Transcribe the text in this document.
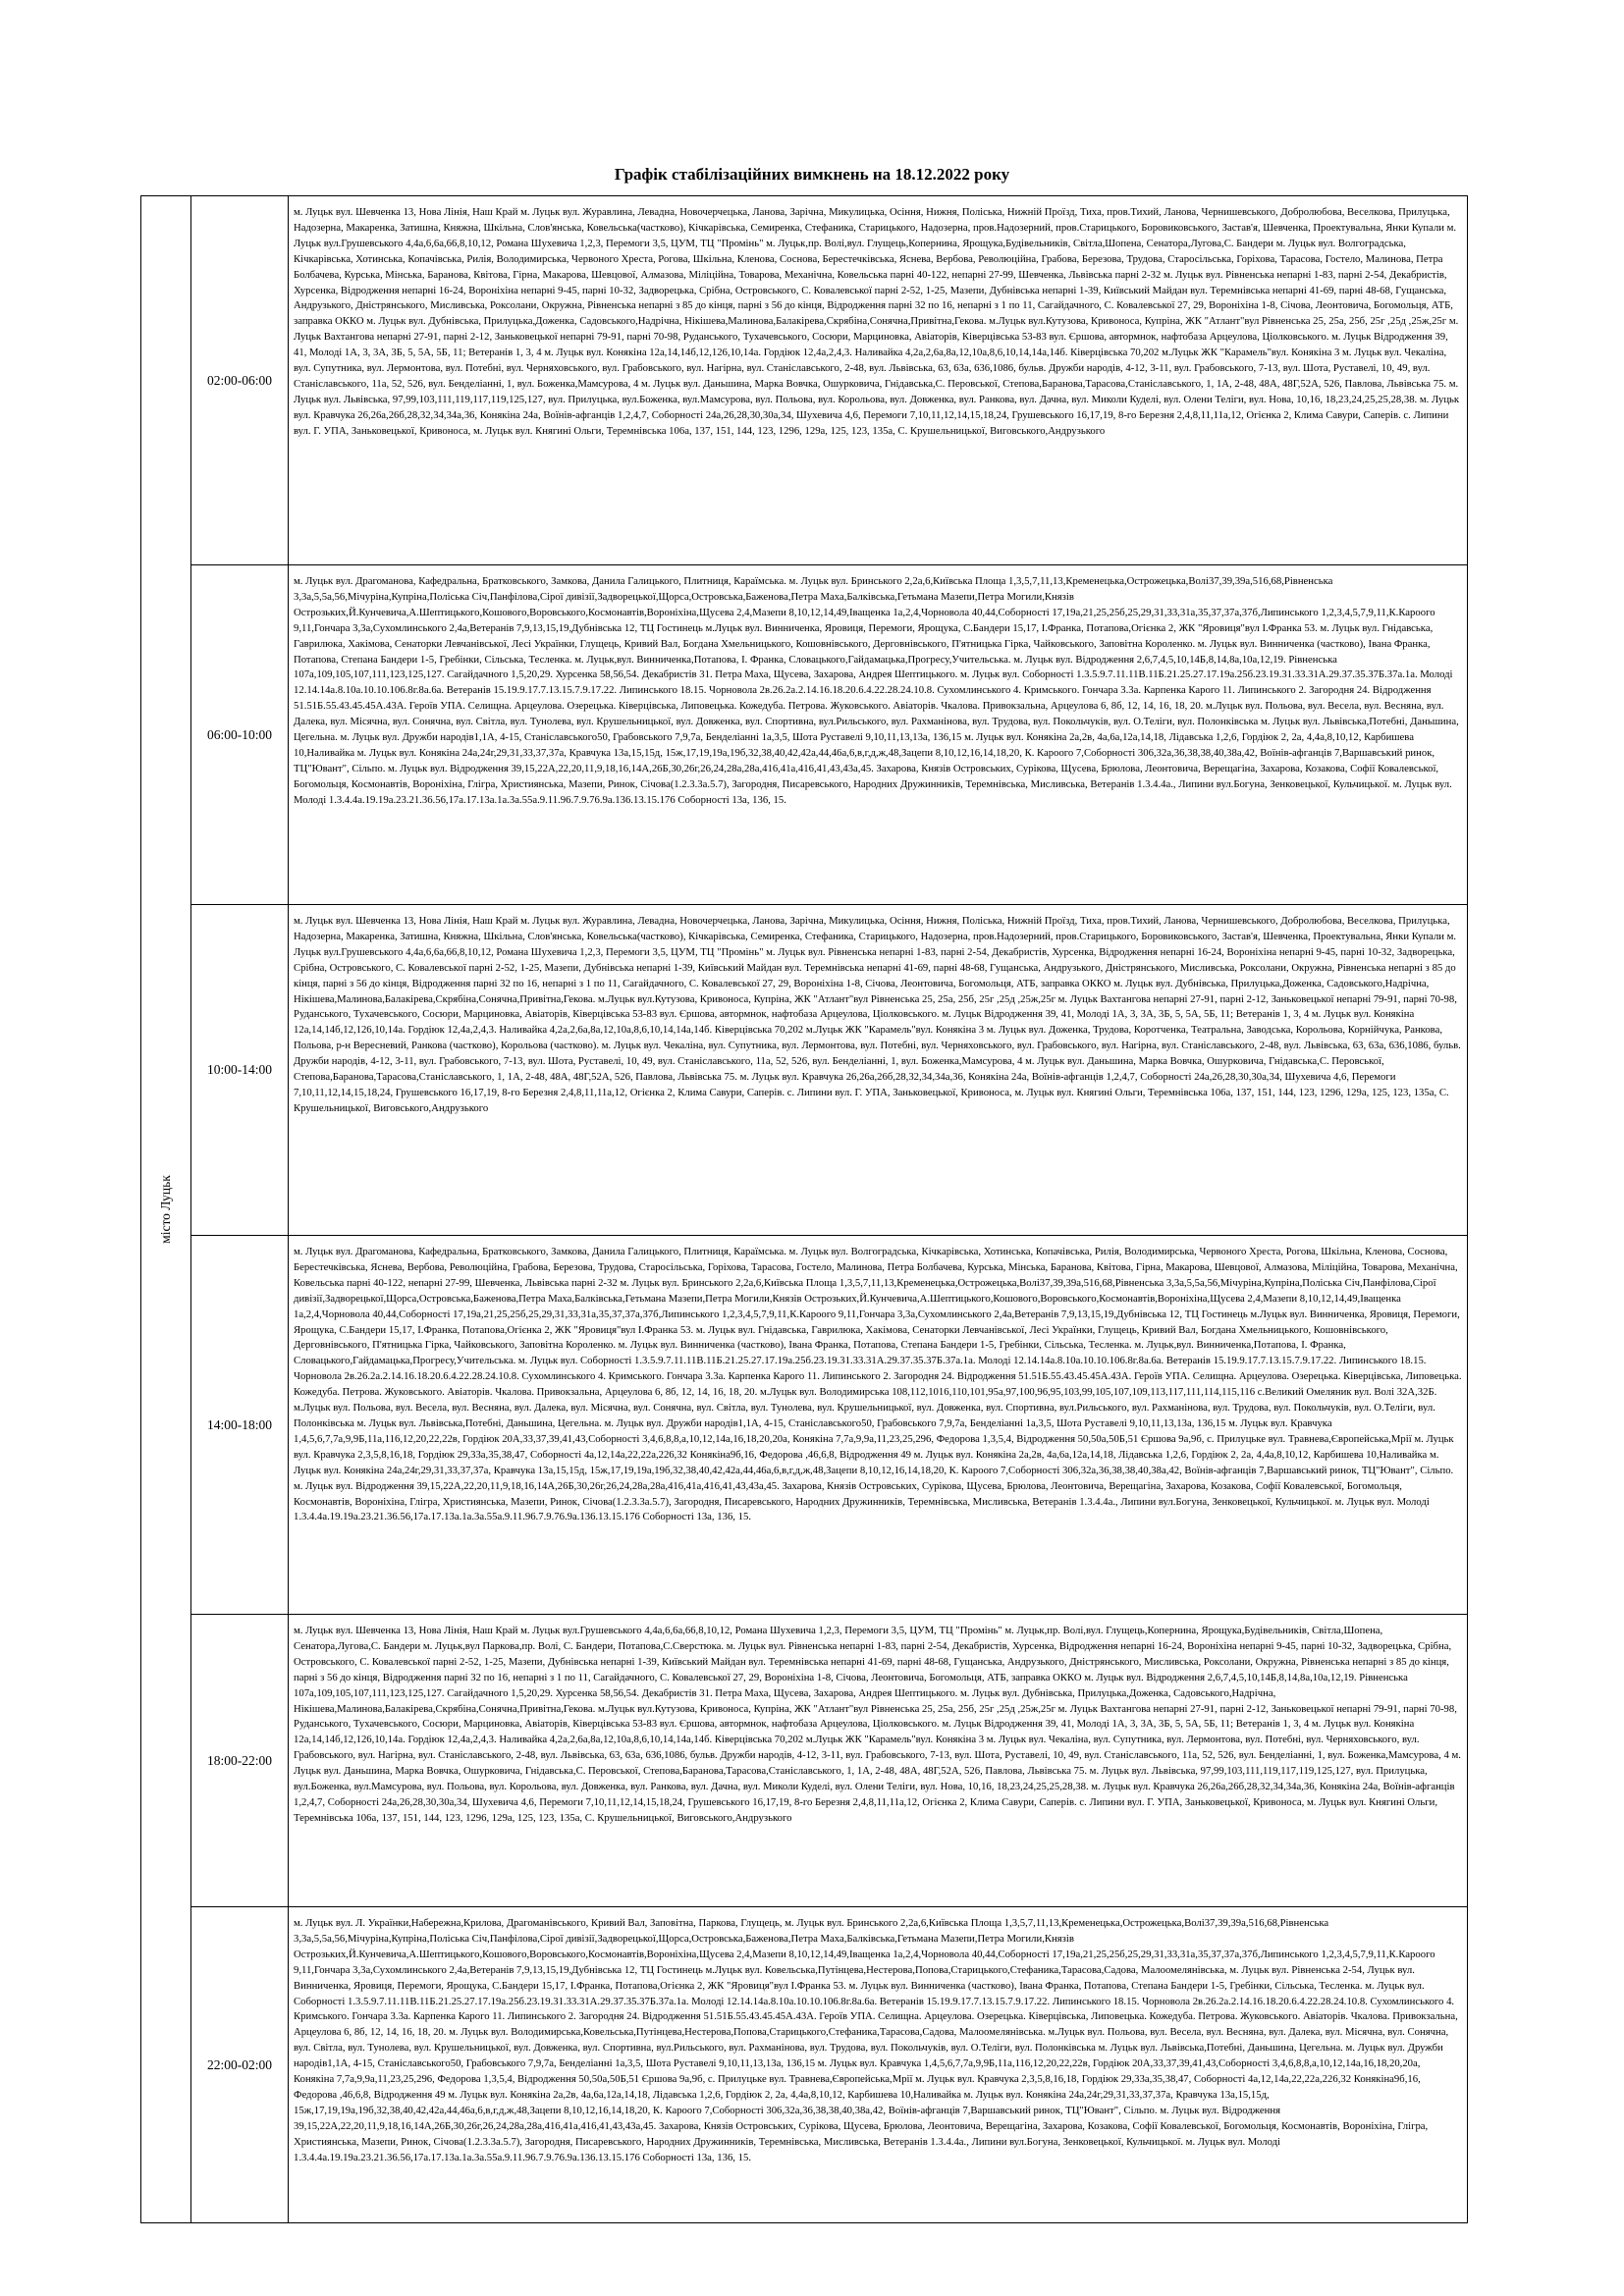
Графік стабілізаційних вимкнень на 18.12.2022 року
місто Луцьк	02:00-06:00	м. Луцьк вул. Шевченка 13, Нова Лінія, Наш Край м. Луцьк вул. Журавлина, Левадна, Новочерчецька, Ланова, Зарічна, Микулицька, Осіння, Нижня, Поліська, Нижній Проїзд, Тиха, пров.Тихий, Ланова, Чернишевського, Добролюбова, Веселкова, Прилуцька, Надозерна, Макаренка, Затишна, Княжна, Шкільна, Слов'янська, Ковельська(частково), Кічкарівська, Семиренка, Стефаника, Старицького, Надозерна, пров.Надозерний, пров.Старицького, Боровиковського, Застав'я, Шевченка, Проектувальна, Янки Купали м. Луцьк вул.Грушевського 4,4а,6,6а,66,8,10,12, Романа Шухевича 1,2,3, Перемоги 3,5, ЦУМ, ТЦ "Промінь" м. Луцьк,пр. Волі,вул. Глущець,Копернина, Ярощука,Будівельників, Світла,Шопена, Сенатора,Луговa,С. Бандери м. Луцьк вул. Волгоградська, Кічкарівська, Хотинська, Копачівська, Рилія, Володимирська, Червоного Хреста, Рогова, Шкільна, Кленова, Соснова, Берестечківська, Яснева, Вербова, Революційна, Грабова, Березова, Трудова, Старосільська, Горіхова, Тарасова, Гостело, Малинова, Петра Болбачева, Курська, Мінська, Баранова, Квітова, Гірна, Макарова, Шевцової, Алмазова, Міліційна, Товарова, Механічна, Ковельська парні 40-122, непарні 27-99, Шевченка, Львівська парні 2-32 м. Луцьк вул. Рівненська непарні 1-83, парні 2-54, Декабристів, Хурсенка, Відродження непарні 16-24, Вороніхіна непарні 9-45, парні 10-32, Задворецька, Срібна, Островського, С. Ковалевської парні 2-52, 1-25, Мазепи, Дубнівська непарні 1-39, Київський Майдан вул. Теремнівська непарні 41-69, парні 48-68, Гущанська, Андрузького, Дністрянського, Мисливська, Роксолани, Окружна, Рівненська непарні з 85 до кінця, парні з 56 до кінця, Відродження парні 32 по 16, непарні з 1 по 11, Сагайдачного, С. Ковалевської 27, 29, Вороніхіна 1-8, Січова, Леонтовича, Богомольця, АТБ, заправка ОККО м. Луцьк вул. Дубнівська, Прилуцька,Доженка, Садовського,Надрічна, Нікішева,Малинова,Балакірева,Скрябіна,Сонячна,Привітна,Гекова. м.Луцьк вул.Кутузова, Кривоноса, Купріна, ЖК "Атлант"вул Рівненська 25, 25а, 25б, 25г ,25д ,25ж,25г м. Луцьк Вахтангова непарні 27-91, парні 2-12, Заньковецької непарні 79-91, парні 70-98, Руданського, Тухачевського, Сосюри, Марциновка, Авіаторів, Ківерцівська 53-83 вул. Єршова, автормнок, нафтобаза Арцеулова, Ціолковського. м. Луцьк Відродження 39, 41, Молоді 1А, 3, 3А, 3Б, 5, 5А, 5Б, 11; Ветеранів 1, 3, 4 м. Луцьк вул. Конякіна 12а,14,14б,12,126,10,14а. Гордіюк 12,4а,2,4,3. Наливайка 4,2а,2,6а,8а,12,10а,8,6,10,14,14а,14б. Ківерцівська 70,202 м.Луцьк ЖК "Карамель"вул. Конякіна 3 м. Луцьк вул. Чекаліна, вул. Супутника, вул. Лермонтова, вул. Потебні, вул. Черняховського, вул. Грабовського, вул. Нагірна, вул. Станіславського, 2-48, вул. Львівська, 63, 63а, 636,1086, бульв. Дружби народів, 4-12, 3-11, вул. Грабовського, 7-13, вул. Шота, Руставелі, 10, 49, вул. Станіславського, 11а, 52, 526, вул. Бенделіанні, 1, вул. Боженка,Мамсурова, 4 м. Луцьк вул. Даньшина, Марка Вовчка, Ошурковича, Гнідавська,С. Перовської, Степова,Баранова,Тарасова,Станіславського, 1, 1А, 2-48, 48А, 48Г,52А, 526, Павлова, Львівська 75. м. Луцьк вул. Львівська, 97,99,103,111,119,117,119,125,127, вул. Прилуцька, вул.Боженка, вул.Мамсурова, вул. Польова, вул. Корольова, вул. Довженка, вул. Ранкова, вул. Дачна, вул. Миколи Куделі, вул. Олени Теліги, вул. Нова, 10,16, 18,23,24,25,25,28,38. м. Луцьк вул. Кравчука 26,26а,26б,28,32,34,34а,36, Конякіна 24а, Воїнів-афганців 1,2,4,7, Соборності 24а,26,28,30,30а,34, Шухевича 4,6, Перемоги 7,10,11,12,14,15,18,24, Грушевського 16,17,19, 8-го Березня 2,4,8,11,11а,12, Огієнка 2, Клима Савури, Саперів. с. Липини вул. Г. УПА, Заньковецької, Кривоноса, м. Луцьк вул. Княгині Ольги, Теремнівська 106а, 137, 151, 144, 123, 1296, 129а, 125, 123, 135а, С. Крушельницької, Виговського,Андрузького

	06:00-10:00	м. Луцьк вул. Драгоманова, Кафедральна, Братковського, Замкова, Данила Галицького, Плитниця, Караїмська. м. Луцьк вул. Бринського 2,2а,6,Київська Площа 1,3,5,7,11,13,Кременецька,Острожецька,Волі37,39,39а,516,68,Рівненська 3,3а,5,5а,56,Мічуріна,Купріна,Поліська Січ,Панфілова,Сірої дивізії,Задворецької,Щорса,Островська,Баженова,Петра Маха,Балківська,Гетьмана Мазепи,Петра Могили,Князів Острозьких,Й.Кунчевича,А.Шептицького,Кошового,Воровського,Космонавтів,Вороніхіна,Щусева 2,4,Мазепи 8,10,12,14,49,Іващенка 1а,2,4,Чорновола 40,44,Соборності 17,19а,21,25,25б,25,29,31,33,31а,35,37,37а,37б,Липинського 1,2,3,4,5,7,9,11,К.Кароого 9,11,Гончара 3,3а,Сухомлинського 2,4а,Ветеранів 7,9,13,15,19,Дубнівська 12, ТЦ Гостинець м.Луцьк вул. Винниченка, Яровиця, Перемоги, Ярощука, С.Бандери 15,17, І.Франка, Потапова,Огієнка 2, ЖК "Яровиця"вул І.Франка 53. м. Луцьк вул. Гнідавська, Гаврилюка, Хакімова, Сенаторки Левчанівської, Лесі Українки, Глущець, Кривий Вал, Богдана Хмельницького, Кошовнівського, Дерговнівського, П'ятницька Гірка, Чайковського, Заповітна Короленко. м. Луцьк вул. Винниченка (частково), Івана Франка, Потапова, Степана Бандери 1-5, Гребінки, Сільська, Тесленка. м. Луцьк,вул. Винниченка,Потапова, І. Франка, Словацького,Гайдамацька,Прогресу,Учительська. м. Луцьк вул. Відродження 2,6,7,4,5,10,14Б,8,14,8а,10а,12,19. Рівненська 107а,109,105,107,111,123,125,127. Сагайдачного 1,5,20,29. Хурсенка 58,56,54. Декабристів 31. Петра Маха, Щусева, Захарова, Андрея Шептицького. м. Луцьк вул. Соборності 1.3.5.9.7.11.11В.11Б.21.25.27.17.19а.25б.23.19.31.33.31А.29.37.35.37Б.37а.1а. Молоді 12.14.14а.8.10а.10.10.106.8г.8а.6а. Ветеранів 15.19.9.17.7.13.15.7.9.17.22. Липинського 18.15. Чорновола 2в.26.2а.2.14.16.18.20.6.4.22.28.24.10.8. Сухомлинського 4. Кримського. Гончара 3.3а. Карпенка Карого 11. Липинського 2. Загородня 24. Відродження 51.51Б.55.43.45.45А.43А. Героїв УПА. Селищна. Арцеулова. Озерецька. Ківерцівська, Липовецька. Кожедуба. Петрова. Жуковського. Авіаторів. Чкалова. Привокзальна, Арцеулова 6, 8б, 12, 14, 16, 18, 20. м.Луцьк вул. Польова, вул. Весела, вул. Веснянa, вул. Далека, вул. Місячна, вул. Сонячна, вул. Світла, вул. Тунолева, вул. Крушельницької, вул. Довженка, вул. Спортивна, вул.Рильського, вул. Рахманінова, вул. Трудова, вул. Покольчуків, вул. О.Теліги, вул. Полонківська м. Луцьк вул. Львівська,Потебні, Даньшина, Цегельна. м. Луцьк вул. Дружби народів1,1А, 4-15, Станіславського50, Грабовського 7,9,7а, Бенделіанні 1а,3,5, Шота Руставелі 9,10,11,13,13а, 136,15 м. Луцьк вул. Конякіна 2а,2в, 4а,6а,12а,14,18, Лідавська 1,2,6, Гордіюк 2, 2а, 4,4а,8,10,12, Карбишева 10,Наливайка м. Луцьк вул. Конякіна 24а,24г,29,31,33,37,37а, Кравчука 13а,15,15д, 15ж,17,19,19а,19б,32,38,40,42,42а,44,46а,6,в,г,д,ж,48,Зацепи 8,10,12,16,14,18,20, К. Кароого 7,Соборності 306,32а,36,38,38,40,38а,42, Воїнів-афганців 7,Варшавський ринок, ТЦ"Ювант", Сільпо. м. Луцьк вул. Відродження 39,15,22А,22,20,11,9,18,16,14А,26Б,30,26г,26,24,28а,28а,416,41а,416,41,43,43а,45. Захарова, Князів Островських, Сурікова, Щусева, Брюлова, Леонтовича, Верещагіна, Захарова, Козакова, Софії Ковалевської, Богомольця, Космонавтів, Вороніхіна, Глігра, Християнська, Мазепи, Ринок, Січова(1.2.3.3а.5.7), Загородня, Писаревського, Народних Дружинників, Теремнівська, Мисливська, Ветеранів 1.3.4.4а., Липини вул.Богуна, Зенковецької, Кульчицької. м. Луцьк вул. Молоді 1.3.4.4а.19.19а.23.21.36.56,17а.17.13а.1а.3а.55а.9.11.96.7.9.76.9а.136.13.15.176 Соборності 13а, 136, 15.

	10:00-14:00	м. Луцьк вул. Шевченка 13, Нова Лінія, Наш Край м. Луцьк вул. Журавлина, Левадна, Новочерчецька, Ланова, Зарічна, Микулицька, Осіння, Нижня, Поліська, Нижній Проїзд, Тиха, пров.Тихий, Ланова, Чернишевського, Добролюбова, Веселкова, Прилуцька, Надозерна, Макаренка, Затишна, Княжна, Шкільна, Слов'янська, Ковельська(частково), Кічкарівська, Семиренка, Стефаника, Старицького, Надозерна, пров.Надозерний, пров.Старицького, Боровиковського, Застав'я, Шевченка, Проектувальна, Янки Купали м. Луцьк вул.Грушевського 4,4а,6,6а,66,8,10,12, Романа Шухевича 1,2,3, Перемоги 3,5, ЦУМ, ТЦ "Промінь" м. Луцьк вул. Рівненська непарні 1-83, парні 2-54, Декабристів, Хурсенка, Відродження непарні 16-24, Вороніхіна непарні 9-45, парні 10-32, Задворецька, Срібна, Островського, С. Ковалевської парні 2-52, 1-25, Мазепи, Дубнівська непарні 1-39, Київський Майдан вул. Теремнівська непарні 41-69, парні 48-68, Гущанська, Андрузького, Дністрянського, Мисливська, Роксолани, Окружна, Рівненська непарні з 85 до кінця, парні з 56 до кінця, Відродження парні 32 по 16, непарні з 1 по 11, Сагайдачного, С. Ковалевської 27, 29, Вороніхіна 1-8, Січова, Леонтовича, Богомольця, АТБ, заправка ОККО м. Луцьк вул. Дубнівська, Прилуцька,Доженка, Садовського,Надрічна, Нікішева,Малинова,Балакірева,Скрябіна,Сонячна,Привітна,Гекова. м.Луцьк вул.Кутузова, Кривоноса, Купріна, ЖК "Атлант"вул Рівненська 25, 25а, 25б, 25г ,25д ,25ж,25г м. Луцьк Вахтангова непарні 27-91, парні 2-12, Заньковецької непарні 79-91, парні 70-98, Руданського, Тухачевського, Сосюри, Марциновка, Авіаторів, Ківерцівська 53-83 вул. Єршова, автормнок, нафтобаза Арцеулова, Ціолковського. м. Луцьк Відродження 39, 41, Молоді 1А, 3, 3А, 3Б, 5, 5А, 5Б, 11; Ветеранів 1, 3, 4 м. Луцьк вул. Конякіна 12а,14,14б,12,126,10,14а. Гордіюк 12,4а,2,4,3. Наливайка 4,2а,2,6а,8а,12,10а,8,6,10,14,14а,14б. Ківерцівська 70,202 м.Луцьк ЖК "Карамель"вул. Конякіна 3 м. Луцьк вул. Доженка, Трудова, Коротченка, Театральна, Заводська, Корольова, Корнійчука, Ранкова, Польова, р-н Вересневий, Ранкова (частково), Корольова (частково). м. Луцьк вул. Чекаліна, вул. Супутника, вул. Лермонтова, вул. Потебні, вул. Черняховського, вул. Грабовського, вул. Нагірна, вул. Станіславського, 2-48, вул. Львівська, 63, 63а, 636,1086, бульв. Дружби народів, 4-12, 3-11, вул. Грабовського, 7-13, вул. Шота, Руставелі, 10, 49, вул. Станіславського, 11а, 52, 526, вул. Бенделіанні, 1, вул. Боженка,Мамсурова, 4 м. Луцьк вул. Даньшина, Марка Вовчка, Ошурковича, Гнідавська,С. Перовської, Степова,Баранова,Тарасова,Станіславського, 1, 1А, 2-48, 48А, 48Г,52А, 526, Павлова, Львівська 75. м. Луцьк вул. Кравчука 26,26а,26б,28,32,34,34а,36, Конякіна 24а, Воїнів-афганців 1,2,4,7, Соборності 24а,26,28,30,30а,34, Шухевича 4,6, Перемоги 7,10,11,12,14,15,18,24, Грушевського 16,17,19, 8-го Березня 2,4,8,11,11а,12, Огієнка 2, Клима Савури, Саперів. с. Липини вул. Г. УПА, Заньковецької, Кривоноса, м. Луцьк вул. Княгині Ольги, Теремнівська 106а, 137, 151, 144, 123, 1296, 129а, 125, 123, 135а, С. Крушельницької, Виговського,Андрузького

	14:00-18:00	м. Луцьк вул. Драгоманова, Кафедральна, Братковського, Замкова, Данила Галицького, Плитниця, Караїмська. м. Луцьк вул. Волгоградська, Кічкарівська, Хотинська, Копачівська, Рилія, Володимирська, Червоного Хреста, Рогова, Шкільна, Кленова, Соснова, Берестечківська, Яснева, Вербова, Революційна, Грабова, Березова, Трудова, Старосільська, Горіхова, Тарасова, Гостело, Малинова, Петра Болбачева, Курська, Мінська, Баранова, Квітова, Гірна, Макарова, Шевцової, Алмазова, Міліційна, Товарова, Механічна, Ковельська парні 40-122, непарні 27-99, Шевченка, Львівська парні 2-32 м. Луцьк вул. Бринського 2,2а,6,Київська Площа 1,3,5,7,11,13,Кременецька,Острожецька,Волі37,39,39а,516,68,Рівненська 3,3а,5,5а,56,Мічуріна,Купріна,Поліська Січ,Панфілова,Сірої дивізії,Задворецької,Щорса,Островська,Баженова,Петра Маха,Балківська,Гетьмана Мазепи,Петра Могили,Князів Острозьких,Й.Кунчевича,А.Шептицького,Кошового,Воровського,Космонавтів,Вороніхіна,Щусева 2,4,Мазепи 8,10,12,14,49,Іващенка 1а,2,4,Чорновола 40,44,Соборності 17,19а,21,25,25б,25,29,31,33,31а,35,37,37а,37б,Липинського 1,2,3,4,5,7,9,11,К.Кароого 9,11,Гончара 3,3а,Сухомлинського 2,4а,Ветеранів 7,9,13,15,19,Дубнівська 12, ТЦ Гостинець м.Луцьк вул. Винниченка, Яровиця, Перемоги, Ярощука, С.Бандери 15,17, І.Франка, Потапова,Огієнка 2, ЖК "Яровиця"вул І.Франка 53. м. Луцьк вул. Гнідавська, Гаврилюка, Хакімова, Сенаторки Левчанівської, Лесі Українки, Глущець, Кривий Вал, Богдана Хмельницького, Кошовнівського, Дерговнівського, П'ятницька Гірка, Чайковського, Заповітна Короленко. м. Луцьк вул. Винниченка (частково), Івана Франка, Потапова, Степана Бандери 1-5, Гребінки, Сільська, Тесленка. м. Луцьк,вул. Винниченка,Потапова, І. Франка, Словацького,Гайдамацька,Прогресу,Учительська. м. Луцьк вул. Соборності 1.3.5.9.7.11.11В.11Б.21.25.27.17.19а.25б.23.19.31.33.31А.29.37.35.37Б.37а.1а. Молоді 12.14.14а.8.10а.10.10.106.8г.8а.6а. Ветеранів 15.19.9.17.7.13.15.7.9.17.22. Липинського 18.15. Чорновола 2в.26.2а.2.14.16.18.20.6.4.22.28.24.10.8. Сухомлинського 4. Кримського. Гончара 3.3а. Карпенка Карого 11. Липинського 2. Загородня 24. Відродження 51.51Б.55.43.45.45А.43А. Героїв УПА. Селищна. Арцеулова. Озерецька. Ківерцівська, Липовецька. Кожедуба. Петрова. Жуковського. Авіаторів. Чкалова. Привокзальна, Арцеулова 6, 8б, 12, 14, 16, 18, 20. м.Луцьк вул. Володимирська 108,112,1016,110,101,95а,97,100,96,95,103,99,105,107,109,113,117,111,114,115,116 с.Великий Омеляник вул. Волі 32А,32Б. м.Луцьк вул. Польова, вул. Весела, вул. Веснянa, вул. Далека, вул. Місячна, вул. Сонячна, вул. Світла, вул. Тунолева, вул. Крушельницької, вул. Довженка, вул. Спортивна, вул.Рильського, вул. Рахманінова, вул. Трудова, вул. Покольчуків, вул. О.Теліги, вул. Полонківська м. Луцьк вул. Львівська,Потебні, Даньшина, Цегельна. м. Луцьк вул. Дружби народів1,1А, 4-15, Станіславського50, Грабовського 7,9,7а, Бенделіанні 1а,3,5, Шота Руставелі 9,10,11,13,13а, 136,15 м. Луцьк вул. Кравчука 1,4,5,6,7,7а,9,9Б,11а,116,12,20,22,22в, Гордіюк 20А,33,37,39,41,43,Соборності 3,4,6,8,8,а,10,12,14а,16,18,20,20а, Конякіна 7,7а,9,9а,11,23,25,296, Федорова 1,3,5,4, Відродження 50,50а,50Б,51 Єршова 9а,9б, с. Прилуцьке вул. Травнева,Європейська,Мрії м. Луцьк вул. Кравчука 2,3,5,8,16,18, Гордіюк 29,33а,35,38,47, Соборності 4а,12,14а,22,22а,226,32 Конякіна9б,16, Федорова ,46,6,8, Відродження 49 м. Луцьк вул. Конякіна 2а,2в, 4а,6а,12а,14,18, Лідавська 1,2,6, Гордіюк 2, 2а, 4,4а,8,10,12, Карбишева 10,Наливайка м. Луцьк вул. Конякіна 24а,24г,29,31,33,37,37а, Кравчука 13а,15,15д, 15ж,17,19,19а,19б,32,38,40,42,42а,44,46а,6,в,г,д,ж,48,Зацепи 8,10,12,16,14,18,20, К. Кароого 7,Соборності 306,32а,36,38,38,40,38а,42, Воїнів-афганців 7,Варшавський ринок, ТЦ"Ювант", Сільпо. м. Луцьк вул. Відродження 39,15,22А,22,20,11,9,18,16,14А,26Б,30,26г,26,24,28а,28а,416,41а,416,41,43,43а,45. Захарова, Князів Островських, Сурікова, Щусева, Брюлова, Леонтовича, Верещагіна, Захарова, Козакова, Софії Ковалевської, Богомольця, Космонавтів, Вороніхіна, Глігра, Християнська, Мазепи, Ринок, Січова(1.2.3.3а.5.7), Загородня, Писаревського, Народних Дружинників, Теремнівська, Мисливська, Ветеранів 1.3.4.4а., Липини вул.Богуна, Зенковецької, Кульчицької. м. Луцьк вул. Молоді 1.3.4.4а.19.19а.23.21.36.56,17а.17.13а.1а.3а.55а.9.11.96.7.9.76.9а.136.13.15.176 Соборності 13а, 136, 15.

	18:00-22:00	м. Луцьк вул. Шевченка 13, Нова Лінія, Наш Край м. Луцьк вул.Грушевського 4,4а,6,6а,66,8,10,12, Романа Шухевича 1,2,3, Перемоги 3,5, ЦУМ, ТЦ "Промінь" м. Луцьк,пр. Волі,вул. Глущець,Копернина, Ярощука,Будівельників, Світла,Шопена, Сенатора,Лугова,С. Бандери м. Луцьк,вул Паркова,пр. Волі, С. Бандери, Потапова,С.Сверстюка. м. Луцьк вул. Рівненська непарні 1-83, парні 2-54, Декабристів, Хурсенка, Відродження непарні 16-24, Вороніхіна непарні 9-45, парні 10-32, Задворецька, Срібна, Островського, С. Ковалевської парні 2-52, 1-25, Мазепи, Дубнівська непарні 1-39, Київський Майдан вул. Теремнівська непарні 41-69, парні 48-68, Гущанська, Андрузького, Дністрянського, Мисливська, Роксолани, Окружна, Рівненська непарні з 85 до кінця, парні з 56 до кінця, Відродження парні 32 по 16, непарні з 1 по 11, Сагайдачного, С. Ковалевської 27, 29, Вороніхіна 1-8, Січова, Леонтовича, Богомольця, АТБ, заправка ОККО м. Луцьк вул. Відродження 2,6,7,4,5,10,14Б,8,14,8а,10а,12,19. Рівненська 107а,109,105,107,111,123,125,127. Сагайдачного 1,5,20,29. Хурсенка 58,56,54. Декабристів 31. Петра Маха, Щусева, Захарова, Андрея Шептицького. м. Луцьк вул. Дубнівська, Прилуцька,Доженка, Садовського,Надрічна, Нікішева,Малинова,Балакірева,Скрябіна,Сонячна,Привітна,Гекова. м.Луцьк вул.Кутузова, Кривоноса, Купріна, ЖК "Атлант"вул Рівненська 25, 25а, 25б, 25г ,25д ,25ж,25г м. Луцьк Вахтангова непарні 27-91, парні 2-12, Заньковецької непарні 79-91, парні 70-98, Руданського, Тухачевського, Сосюри, Марциновка, Авіаторів, Ківерцівська 53-83 вул. Єршова, автормнок, нафтобаза Арцеулова, Ціолковського. м. Луцьк Відродження 39, 41, Молоді 1А, 3, 3А, 3Б, 5, 5А, 5Б, 11; Ветеранів 1, 3, 4 м. Луцьк вул. Конякіна 12а,14,14б,12,126,10,14а. Гордіюк 12,4а,2,4,3. Наливайка 4,2а,2,6а,8а,12,10а,8,6,10,14,14а,14б. Ківерцівська 70,202 м.Луцьк ЖК "Карамель"вул. Конякіна 3 м. Луцьк вул. Чекаліна, вул. Супутника, вул. Лермонтова, вул. Потебні, вул. Черняховського, вул. Грабовського, вул. Нагірна, вул. Станіславського, 2-48, вул. Львівська, 63, 63а, 636,1086, бульв. Дружби народів, 4-12, 3-11, вул. Грабовського, 7-13, вул. Шота, Руставелі, 10, 49, вул. Станіславського, 11а, 52, 526, вул. Бенделіанні, 1, вул. Боженка,Мамсурова, 4 м. Луцьк вул. Даньшина, Марка Вовчка, Ошурковича, Гнідавська,С. Перовської, Степова,Баранова,Тарасова,Станіславського, 1, 1А, 2-48, 48А, 48Г,52А, 526, Павлова, Львівська 75. м. Луцьк вул. Львівська, 97,99,103,111,119,117,119,125,127, вул. Прилуцька, вул.Боженка, вул.Мамсурова, вул. Польова, вул. Корольова, вул. Довженка, вул. Ранкова, вул. Дачна, вул. Миколи Куделі, вул. Олени Теліги, вул. Нова, 10,16, 18,23,24,25,25,28,38. м. Луцьк вул. Кравчука 26,26а,26б,28,32,34,34а,36, Конякіна 24а, Воїнів-афганців 1,2,4,7, Соборності 24а,26,28,30,30а,34, Шухевича 4,6, Перемоги 7,10,11,12,14,15,18,24, Грушевського 16,17,19, 8-го Березня 2,4,8,11,11а,12, Огієнка 2, Клима Савури, Саперів. с. Липини вул. Г. УПА, Заньковецької, Кривоноса, м. Луцьк вул. Княгині Ольги, Теремнівська 106а, 137, 151, 144, 123, 1296, 129а, 125, 123, 135а, С. Крушельницької, Виговського,Андрузького

	22:00-02:00	м. Луцьк вул. Л. Українки,Набережна,Крилова, Драгоманівського, Кривий Вал, Заповітна, Паркова, Глущець, м. Луцьк вул. Бринського 2,2а,6,Київська Площа 1,3,5,7,11,13,Кременецька,Острожецька,Волі37,39,39а,516,68,Рівненська 3,3а,5,5а,56,Мічуріна,Купріна,Поліська Січ,Панфілова,Сірої дивізії,Задворецької,Щорса,Островська,Баженова,Петра Маха,Балківська,Гетьмана Мазепи,Петра Могили,Князів Острозьких,Й.Кунчевича,А.Шептицького,Кошового,Воровського,Космонавтів,Вороніхіна,Щусева 2,4,Мазепи 8,10,12,14,49,Іващенка 1а,2,4,Чорновола 40,44,Соборності 17,19а,21,25,25б,25,29,31,33,31а,35,37,37а,37б,Липинського 1,2,3,4,5,7,9,11,К.Кароого 9,11,Гончара 3,3а,Сухомлинського 2,4а,Ветеранів 7,9,13,15,19,Дубнівська 12, ТЦ Гостинець м.Луцьк вул. Ковельська,Путінцева,Нестерова,Попова,Старицького,Стефаника,Тарасова,Садова, Малоомелянівська, м. Луцьк вул. Рівненська 2-54, Луцьк вул. Винниченка, Яровиця, Перемоги, Ярощука, С.Бандери 15,17, І.Франка, Потапова,Огієнка 2, ЖК "Яровиця"вул І.Франка 53. м. Луцьк вул. Винниченка (частково), Івана Франка, Потапова, Степана Бандери 1-5, Гребінки, Сільська, Тесленка. м. Луцьк вул. Соборності 1.3.5.9.7.11.11В.11Б.21.25.27.17.19а.25б.23.19.31.33.31А.29.37.35.37Б.37а.1а. Молоді 12.14.14а.8.10а.10.10.106.8г.8а.6а. Ветеранів 15.19.9.17.7.13.15.7.9.17.22. Липинського 18.15. Чорновола 2в.26.2а.2.14.16.18.20.6.4.22.28.24.10.8. Сухомлинського 4. Кримського. Гончара 3.3а. Карпенка Карого 11. Липинського 2. Загородня 24. Відродження 51.51Б.55.43.45.45А.43А. Героїв УПА. Селищна. Арцеулова. Озерецька. Ківерцівська, Липовецька. Кожедуба. Петрова. Жуковського. Авіаторів. Чкалова. Привокзальна, Арцеулова 6, 8б, 12, 14, 16, 18, 20. м. Луцьк вул. Володимирська,Ковельська,Путінцева,Нестерова,Попова,Старицького,Стефаника,Тарасова,Садова, Малоомелянівська. м.Луцьк вул. Польова, вул. Весела, вул. Веснянa, вул. Далека, вул. Місячна, вул. Сонячна, вул. Світла, вул. Тунолева, вул. Крушельницької, вул. Довженка, вул. Спортивна, вул.Рильського, вул. Рахманінова, вул. Трудова, вул. Покольчуків, вул. О.Теліги, вул. Полонківська м. Луцьк вул. Львівська,Потебні, Даньшина, Цегельна. м. Луцьк вул. Дружби народів1,1А, 4-15, Станіславського50, Грабовського 7,9,7а, Бенделіанні 1а,3,5, Шота Руставелі 9,10,11,13,13а, 136,15 м. Луцьк вул. Кравчука 1,4,5,6,7,7а,9,9Б,11а,116,12,20,22,22в, Гордіюк 20А,33,37,39,41,43,Соборності 3,4,6,8,8,а,10,12,14а,16,18,20,20а, Конякіна 7,7а,9,9а,11,23,25,296, Федорова 1,3,5,4, Відродження 50,50а,50Б,51 Єршова 9а,9б, с. Прилуцьке вул. Травнева,Європейська,Мрії м. Луцьк вул. Кравчука 2,3,5,8,16,18, Гордіюк 29,33а,35,38,47, Соборності 4а,12,14а,22,22а,226,32 Конякіна9б,16, Федорова ,46,6,8, Відродження 49 м. Луцьк вул. Конякіна 2а,2в, 4а,6а,12а,14,18, Лідавська 1,2,6, Гордіюк 2, 2а, 4,4а,8,10,12, Карбишева 10,Наливайка м. Луцьк вул. Конякіна 24а,24г,29,31,33,37,37а, Кравчука 13а,15,15д, 15ж,17,19,19а,19б,32,38,40,42,42а,44,46а,6,в,г,д,ж,48,Зацепи 8,10,12,16,14,18,20, К. Кароого 7,Соборності 306,32а,36,38,38,40,38а,42, Воїнів-афганців 7,Варшавський ринок, ТЦ"Ювант", Сільпо. м. Луцьк вул. Відродження 39,15,22А,22,20,11,9,18,16,14А,26Б,30,26г,26,24,28а,28а,416,41а,416,41,43,43а,45. Захарова, Князів Островських, Сурікова, Щусева, Брюлова, Леонтовича, Верещагіна, Захарова, Козакова, Софії Ковалевської, Богомольця, Космонавтів, Вороніхіна, Глігра, Християнська, Мазепи, Ринок, Січова(1.2.3.3а.5.7), Загородня, Писаревського, Народних Дружинників, Теремнівська, Мисливська, Ветеранів 1.3.4.4а., Липини вул.Богуна, Зенковецької, Кульчицької. м. Луцьк вул. Молоді 1.3.4.4а.19.19а.23.21.36.56,17а.17.13а.1а.3а.55а.9.11.96.7.9.76.9а.136.13.15.176 Соборності 13а, 136, 15.
